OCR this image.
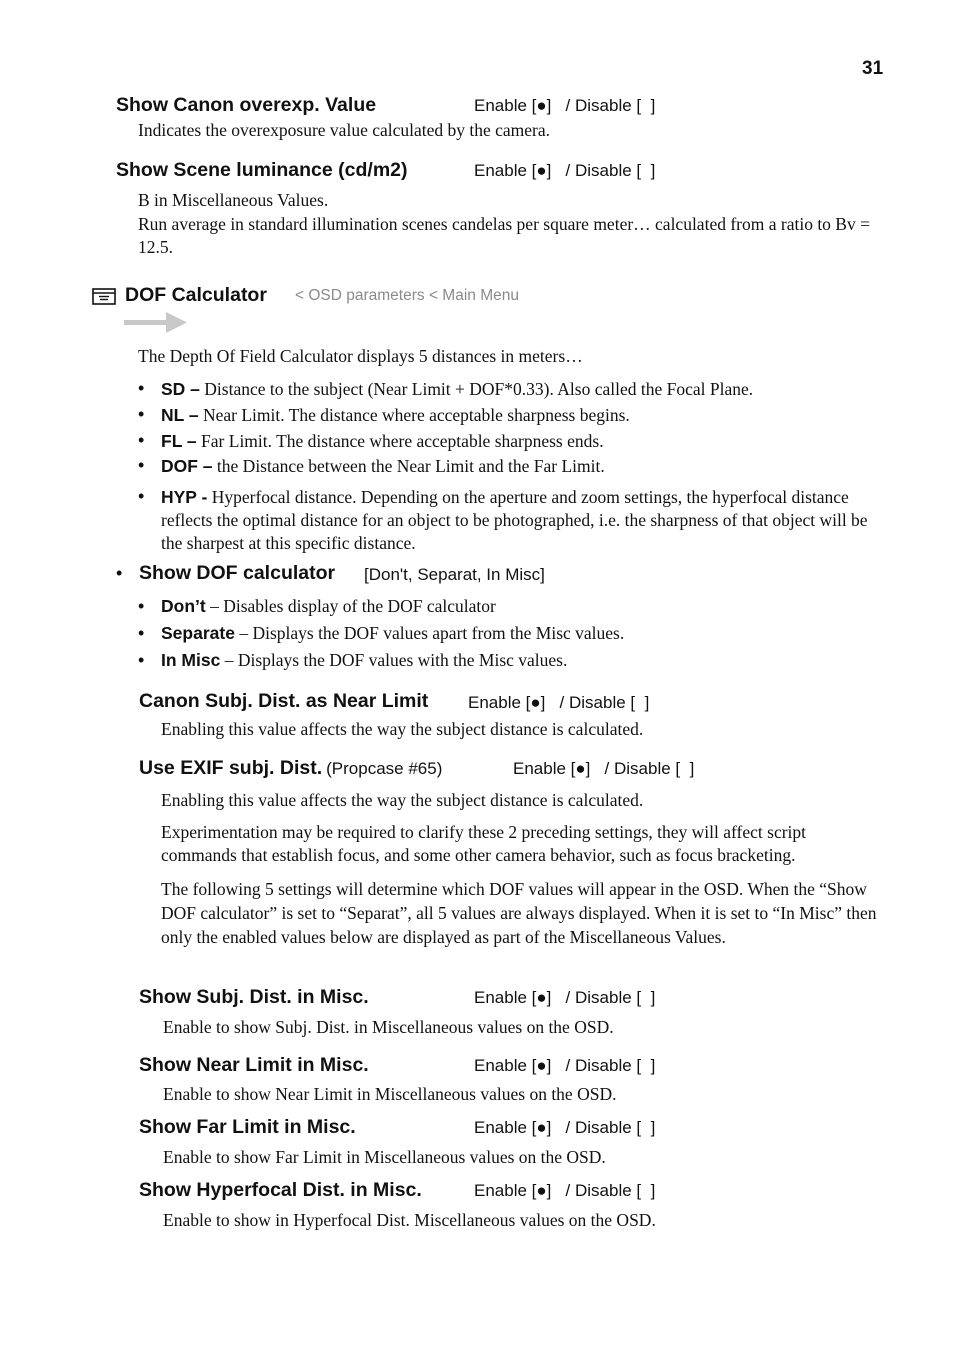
31
Show Canon overexp. Value	Enable [●]   / Disable [  ]
Indicates the overexposure value calculated by the camera.
Show Scene luminance (cd/m2)	Enable [●]   / Disable [  ]
B in Miscellaneous Values.
Run average in standard illumination scenes candelas per square meter… calculated from a ratio to Bv = 12.5.
DOF Calculator < OSD parameters < Main Menu
The Depth Of Field Calculator displays 5 distances in meters…
• SD – Distance to the subject (Near Limit + DOF*0.33). Also called the Focal Plane.
• NL – Near Limit. The distance where acceptable sharpness begins.
• FL – Far Limit. The distance where acceptable sharpness ends.
• DOF – the Distance between the Near Limit and the Far Limit.
• HYP - Hyperfocal distance. Depending on the aperture and zoom settings, the hyperfocal distance reflects the optimal distance for an object to be photographed, i.e. the sharpness of that object will be the sharpest at this specific distance.
• Show DOF calculator [Don't, Separat, In Misc]
• Don’t – Disables display of the DOF calculator
• Separate – Displays the DOF values apart from the Misc values.
• In Misc – Displays the DOF values with the Misc values.
Canon Subj. Dist. as Near Limit Enable [●]   / Disable [  ]
Enabling this value affects the way the subject distance is calculated.
Use EXIF subj. Dist. (Propcase #65)	Enable [●]   / Disable [  ]
Enabling this value affects the way the subject distance is calculated.
Experimentation may be required to clarify these 2 preceding settings, they will affect script commands that establish focus, and some other camera behavior, such as focus bracketing.
The following 5 settings will determine which DOF values will appear in the OSD. When the “Show DOF calculator” is set to “Separat”, all 5 values are always displayed. When it is set to “In Misc” then only the enabled values below are displayed as part of the Miscellaneous Values.
Show Subj. Dist. in Misc.	Enable [●]   / Disable [  ]
Enable to show Subj. Dist. in Miscellaneous values on the OSD.
Show Near Limit in Misc.	Enable [●]   / Disable [  ]
Enable to show Near Limit in Miscellaneous values on the OSD.
Show Far Limit in Misc.	Enable [●]   / Disable [  ]
Enable to show Far Limit in Miscellaneous values on the OSD.
Show Hyperfocal Dist. in Misc.	Enable [●]   / Disable [  ]
Enable to show in Hyperfocal Dist. Miscellaneous values on the OSD.
